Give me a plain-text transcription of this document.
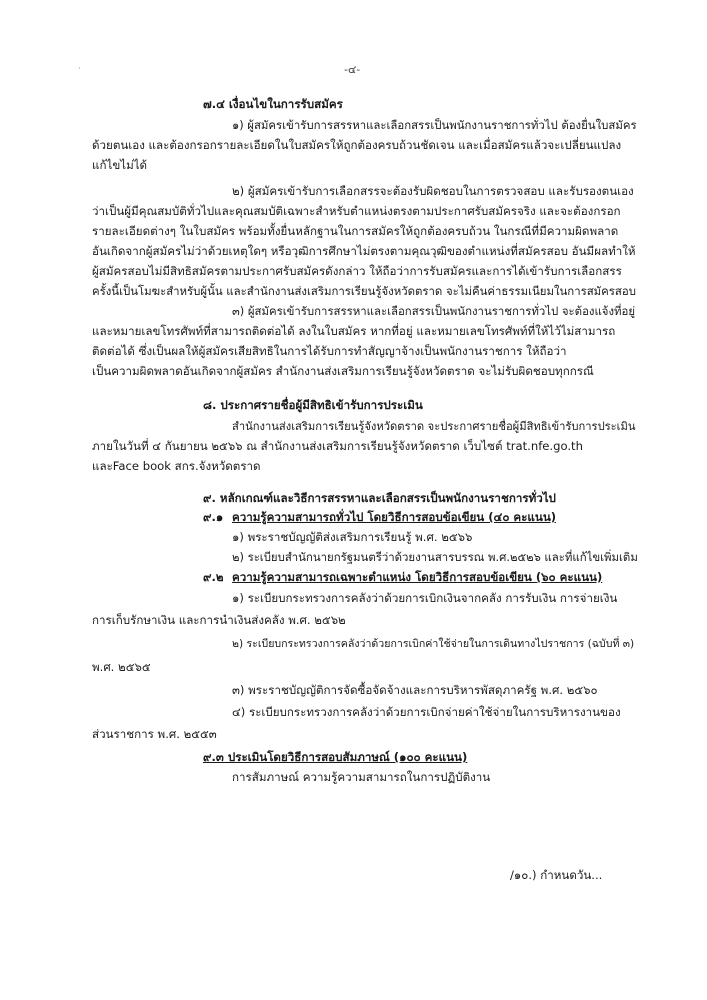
·	-๔-
๗.๔ เงื่อนไขในการรับสมัคร
๑) ผู้สมัครเข้ารับการสรรหาและเลือกสรรเป็นพนักงานราชการทั่วไป ต้องยื่นใบสมัคร
ด้วยตนเอง และต้องกรอกรายละเอียดในใบสมัครให้ถูกต้องครบถ้วนชัดเจน และเมื่อสมัครแล้วจะเปลี่ยนแปลง
แก้ไขไม่ได้
๒) ผู้สมัครเข้ารับการเลือกสรรจะต้องรับผิดชอบในการตรวจสอบ และรับรองตนเอง
ว่าเป็นผู้มีคุณสมบัติทั่วไปและคุณสมบัติเฉพาะสำหรับตำแหน่งตรงตามประกาศรับสมัครจริง และจะต้องกรอก
รายละเอียดต่างๆ ในใบสมัคร พร้อมทั้งยื่นหลักฐานในการสมัครให้ถูกต้องครบถ้วน ในกรณีที่มีความผิดพลาด
อันเกิดจากผู้สมัครไม่ว่าด้วยเหตุใดๆ หรือวุฒิการศึกษาไม่ตรงตามคุณวุฒิของตำแหน่งที่สมัครสอบ อันมีผลทำให้
ผู้สมัครสอบไม่มีสิทธิสมัครตามประกาศรับสมัครดังกล่าว ให้ถือว่าการรับสมัครและการได้เข้ารับการเลือกสรร
ครั้งนี้เป็นโมฆะสำหรับผู้นั้น และสำนักงานส่งเสริมการเรียนรู้จังหวัดตราด จะไม่คืนค่าธรรมเนียมในการสมัครสอบ
๓) ผู้สมัครเข้ารับการสรรหาและเลือกสรรเป็นพนักงานราชการทั่วไป จะต้องแจ้งที่อยู่
และหมายเลขโทรศัพท์ที่สามารถติดต่อได้ ลงในใบสมัคร หากที่อยู่ และหมายเลขโทรศัพท์ที่ให้ไว้ไม่สามารถ
ติดต่อได้ ซึ่งเป็นผลให้ผู้สมัครเสียสิทธิในการได้รับการทำสัญญาจ้างเป็นพนักงานราชการ ให้ถือว่า
เป็นความผิดพลาดอันเกิดจากผู้สมัคร สำนักงานส่งเสริมการเรียนรู้จังหวัดตราด จะไม่รับผิดชอบทุกกรณี
๘. ประกาศรายชื่อผู้มีสิทธิเข้ารับการประเมิน
สำนักงานส่งเสริมการเรียนรู้จังหวัดตราด จะประกาศรายชื่อผู้มีสิทธิเข้ารับการประเมิน
ภายในวันที่ ๔ กันยายน ๒๕๖๖ ณ สำนักงานส่งเสริมการเรียนรู้จังหวัดตราด เว็บไซต์ trat.nfe.go.th
และFace book สกร.จังหวัดตราด
๙. หลักเกณฑ์และวิธีการสรรหาและเลือกสรรเป็นพนักงานราชการทั่วไป
๙.๑ ความรู้ความสามารถทั่วไป โดยวิธีการสอบข้อเขียน (๔๐ คะแนน)
๑) พระราชบัญญัติส่งเสริมการเรียนรู้ พ.ศ. ๒๕๖๖
๒) ระเบียบสำนักนายกรัฐมนตรีว่าด้วยงานสารบรรณ พ.ศ.๒๕๒๖ และที่แก้ไขเพิ่มเติม
๙.๒ ความรู้ความสามารถเฉพาะตำแหน่ง โดยวิธีการสอบข้อเขียน (๖๐ คะแนน)
๑) ระเบียบกระทรวงการคลังว่าด้วยการเบิกเงินจากคลัง การรับเงิน การจ่ายเงิน
การเก็บรักษาเงิน และการนำเงินส่งคลัง พ.ศ. ๒๕๖๒
๒) ระเบียบกระทรวงการคลังว่าด้วยการเบิกค่าใช้จ่ายในการเดินทางไปราชการ (ฉบับที่ ๓)
พ.ศ. ๒๕๖๕
๓) พระราชบัญญัติการจัดซื้อจัดจ้างและการบริหารพัสดุภาครัฐ พ.ศ. ๒๕๖๐
๔) ระเบียบกระทรวงการคลังว่าด้วยการเบิกจ่ายค่าใช้จ่ายในการบริหารงานของ
ส่วนราชการ พ.ศ. ๒๕๕๓
๙.๓ ประเมินโดยวิธีการสอบสัมภาษณ์ (๑๐๐ คะแนน)
การสัมภาษณ์ ความรู้ความสามารถในการปฏิบัติงาน
/๑๐.) กำหนดวัน...
